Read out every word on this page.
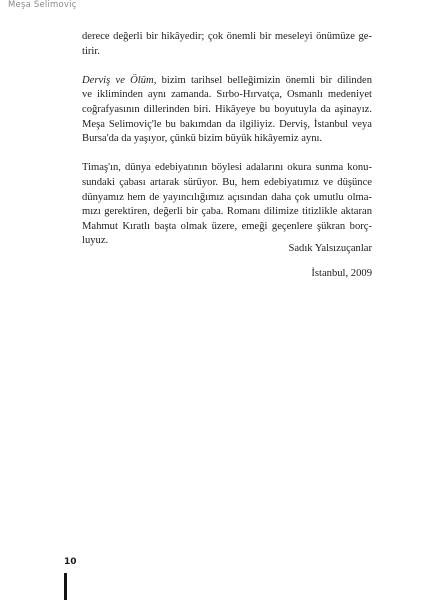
Meşa Selimoviç

derece değerli bir hikâyedir; çok önemli bir meseleyi önümüze ge-
tirir.

Derviş ve Ölüm, bizim tarihsel belleğimizin önemli bir dilinden
ve ikliminden aynı zamanda. Sırbo-Hırvatça, Osmanlı medeniyet
coğrafyasının dillerinden biri. Hikâyeye bu boyutuyla da aşinayız.
Meşa Selimoviç'le bu bakımdan da ilgiliyiz. Derviş, İstanbul veya
Bursa'da da yaşıyor, çünkü bizim büyük hikâyemiz aynı.

Timaş'ın, dünya edebiyatının böylesi adalarını okura sunma konu-
sundaki çabası artarak sürüyor. Bu, hem edebiyatımız ve düşünce
dünyamız hem de yayıncılığımız açısından daha çok umutlu olma-
mızı gerektiren, değerli bir çaba. Romanı dilimize titizlikle aktaran
Mahmut Kıratlı başta olmak üzere, emeği geçenlere şükran borç-
luyuz.

Sadık Yalsızuçanlar
İstanbul, 2009
10
